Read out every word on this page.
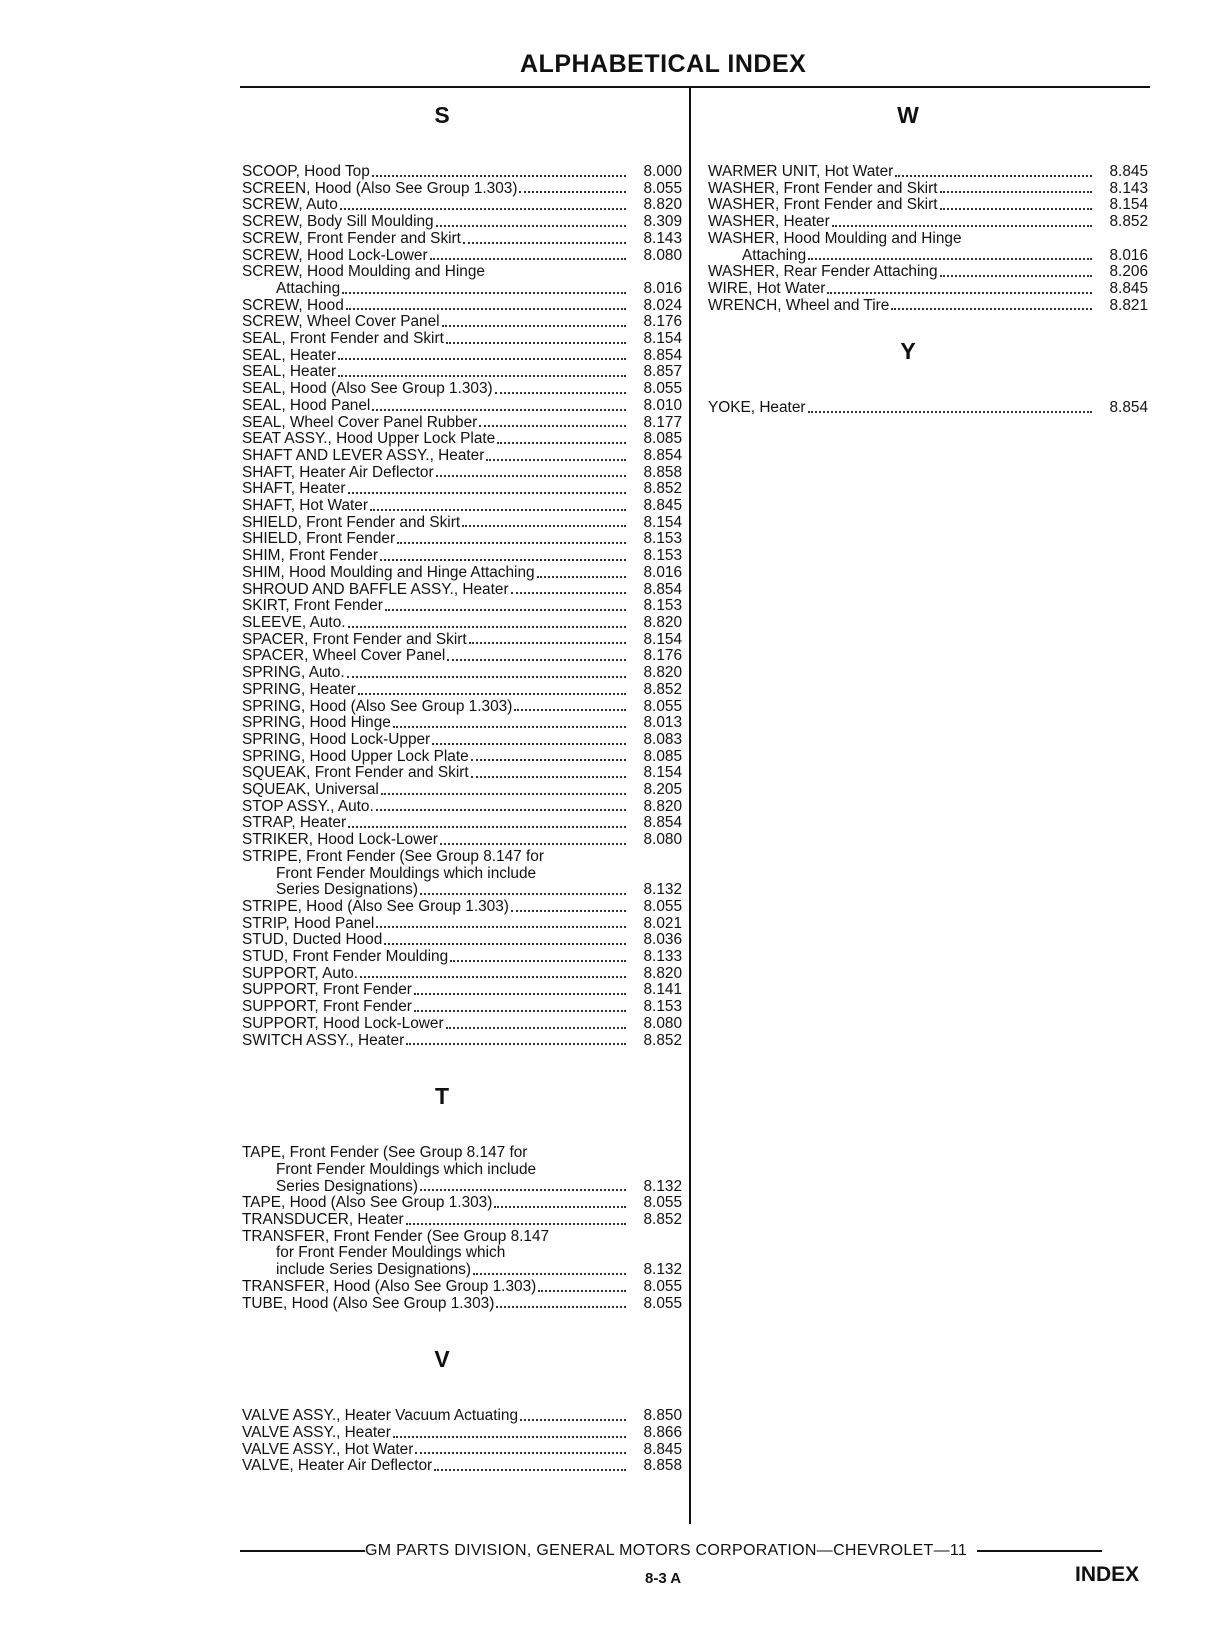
ALPHABETICAL INDEX
S
SCOOP, Hood Top	8.000
SCREEN, Hood (Also See Group 1.303)	8.055
SCREW, Auto	8.820
SCREW, Body Sill Moulding	8.309
SCREW, Front Fender and Skirt	8.143
SCREW, Hood Lock-Lower	8.080
SCREW, Hood Moulding and Hinge
Attaching	8.016
SCREW, Hood	8.024
SCREW, Wheel Cover Panel	8.176
SEAL, Front Fender and Skirt	8.154
SEAL, Heater	8.854
SEAL, Heater	8.857
SEAL, Hood (Also See Group 1.303)	8.055
SEAL, Hood Panel	8.010
SEAL, Wheel Cover Panel Rubber	8.177
SEAT ASSY., Hood Upper Lock Plate	8.085
SHAFT AND LEVER ASSY., Heater	8.854
SHAFT, Heater Air Deflector	8.858
SHAFT, Heater	8.852
SHAFT, Hot Water	8.845
SHIELD, Front Fender and Skirt	8.154
SHIELD, Front Fender	8.153
SHIM, Front Fender	8.153
SHIM, Hood Moulding and Hinge Attaching	8.016
SHROUD AND BAFFLE ASSY., Heater	8.854
SKIRT, Front Fender	8.153
SLEEVE, Auto.	8.820
SPACER, Front Fender and Skirt	8.154
SPACER, Wheel Cover Panel	8.176
SPRING, Auto.	8.820
SPRING, Heater	8.852
SPRING, Hood (Also See Group 1.303)	8.055
SPRING, Hood Hinge	8.013
SPRING, Hood Lock-Upper	8.083
SPRING, Hood Upper Lock Plate	8.085
SQUEAK, Front Fender and Skirt	8.154
SQUEAK, Universal	8.205
STOP ASSY., Auto.	8.820
STRAP, Heater	8.854
STRIKER, Hood Lock-Lower	8.080
STRIPE, Front Fender (See Group 8.147 for
Front Fender Mouldings which include
Series Designations)	8.132
STRIPE, Hood (Also See Group 1.303)	8.055
STRIP, Hood Panel	8.021
STUD, Ducted Hood	8.036
STUD, Front Fender Moulding	8.133
SUPPORT, Auto.	8.820
SUPPORT, Front Fender	8.141
SUPPORT, Front Fender	8.153
SUPPORT, Hood Lock-Lower	8.080
SWITCH ASSY., Heater	8.852
T
TAPE, Front Fender (See Group 8.147 for
Front Fender Mouldings which include
Series Designations)	8.132
TAPE, Hood (Also See Group 1.303)	8.055
TRANSDUCER, Heater	8.852
TRANSFER, Front Fender (See Group 8.147
for Front Fender Mouldings which
include Series Designations)	8.132
TRANSFER, Hood (Also See Group 1.303)	8.055
TUBE, Hood (Also See Group 1.303)	8.055
V
VALVE ASSY., Heater Vacuum Actuating	8.850
VALVE ASSY., Heater	8.866
VALVE ASSY., Hot Water	8.845
VALVE, Heater Air Deflector	8.858
W
WARMER UNIT, Hot Water	8.845
WASHER, Front Fender and Skirt	8.143
WASHER, Front Fender and Skirt	8.154
WASHER, Heater	8.852
WASHER, Hood Moulding and Hinge
Attaching	8.016
WASHER, Rear Fender Attaching	8.206
WIRE, Hot Water	8.845
WRENCH, Wheel and Tire	8.821
Y
YOKE, Heater	8.854
GM PARTS DIVISION, GENERAL MOTORS CORPORATION—CHEVROLET—11
8-3 A	INDEX
